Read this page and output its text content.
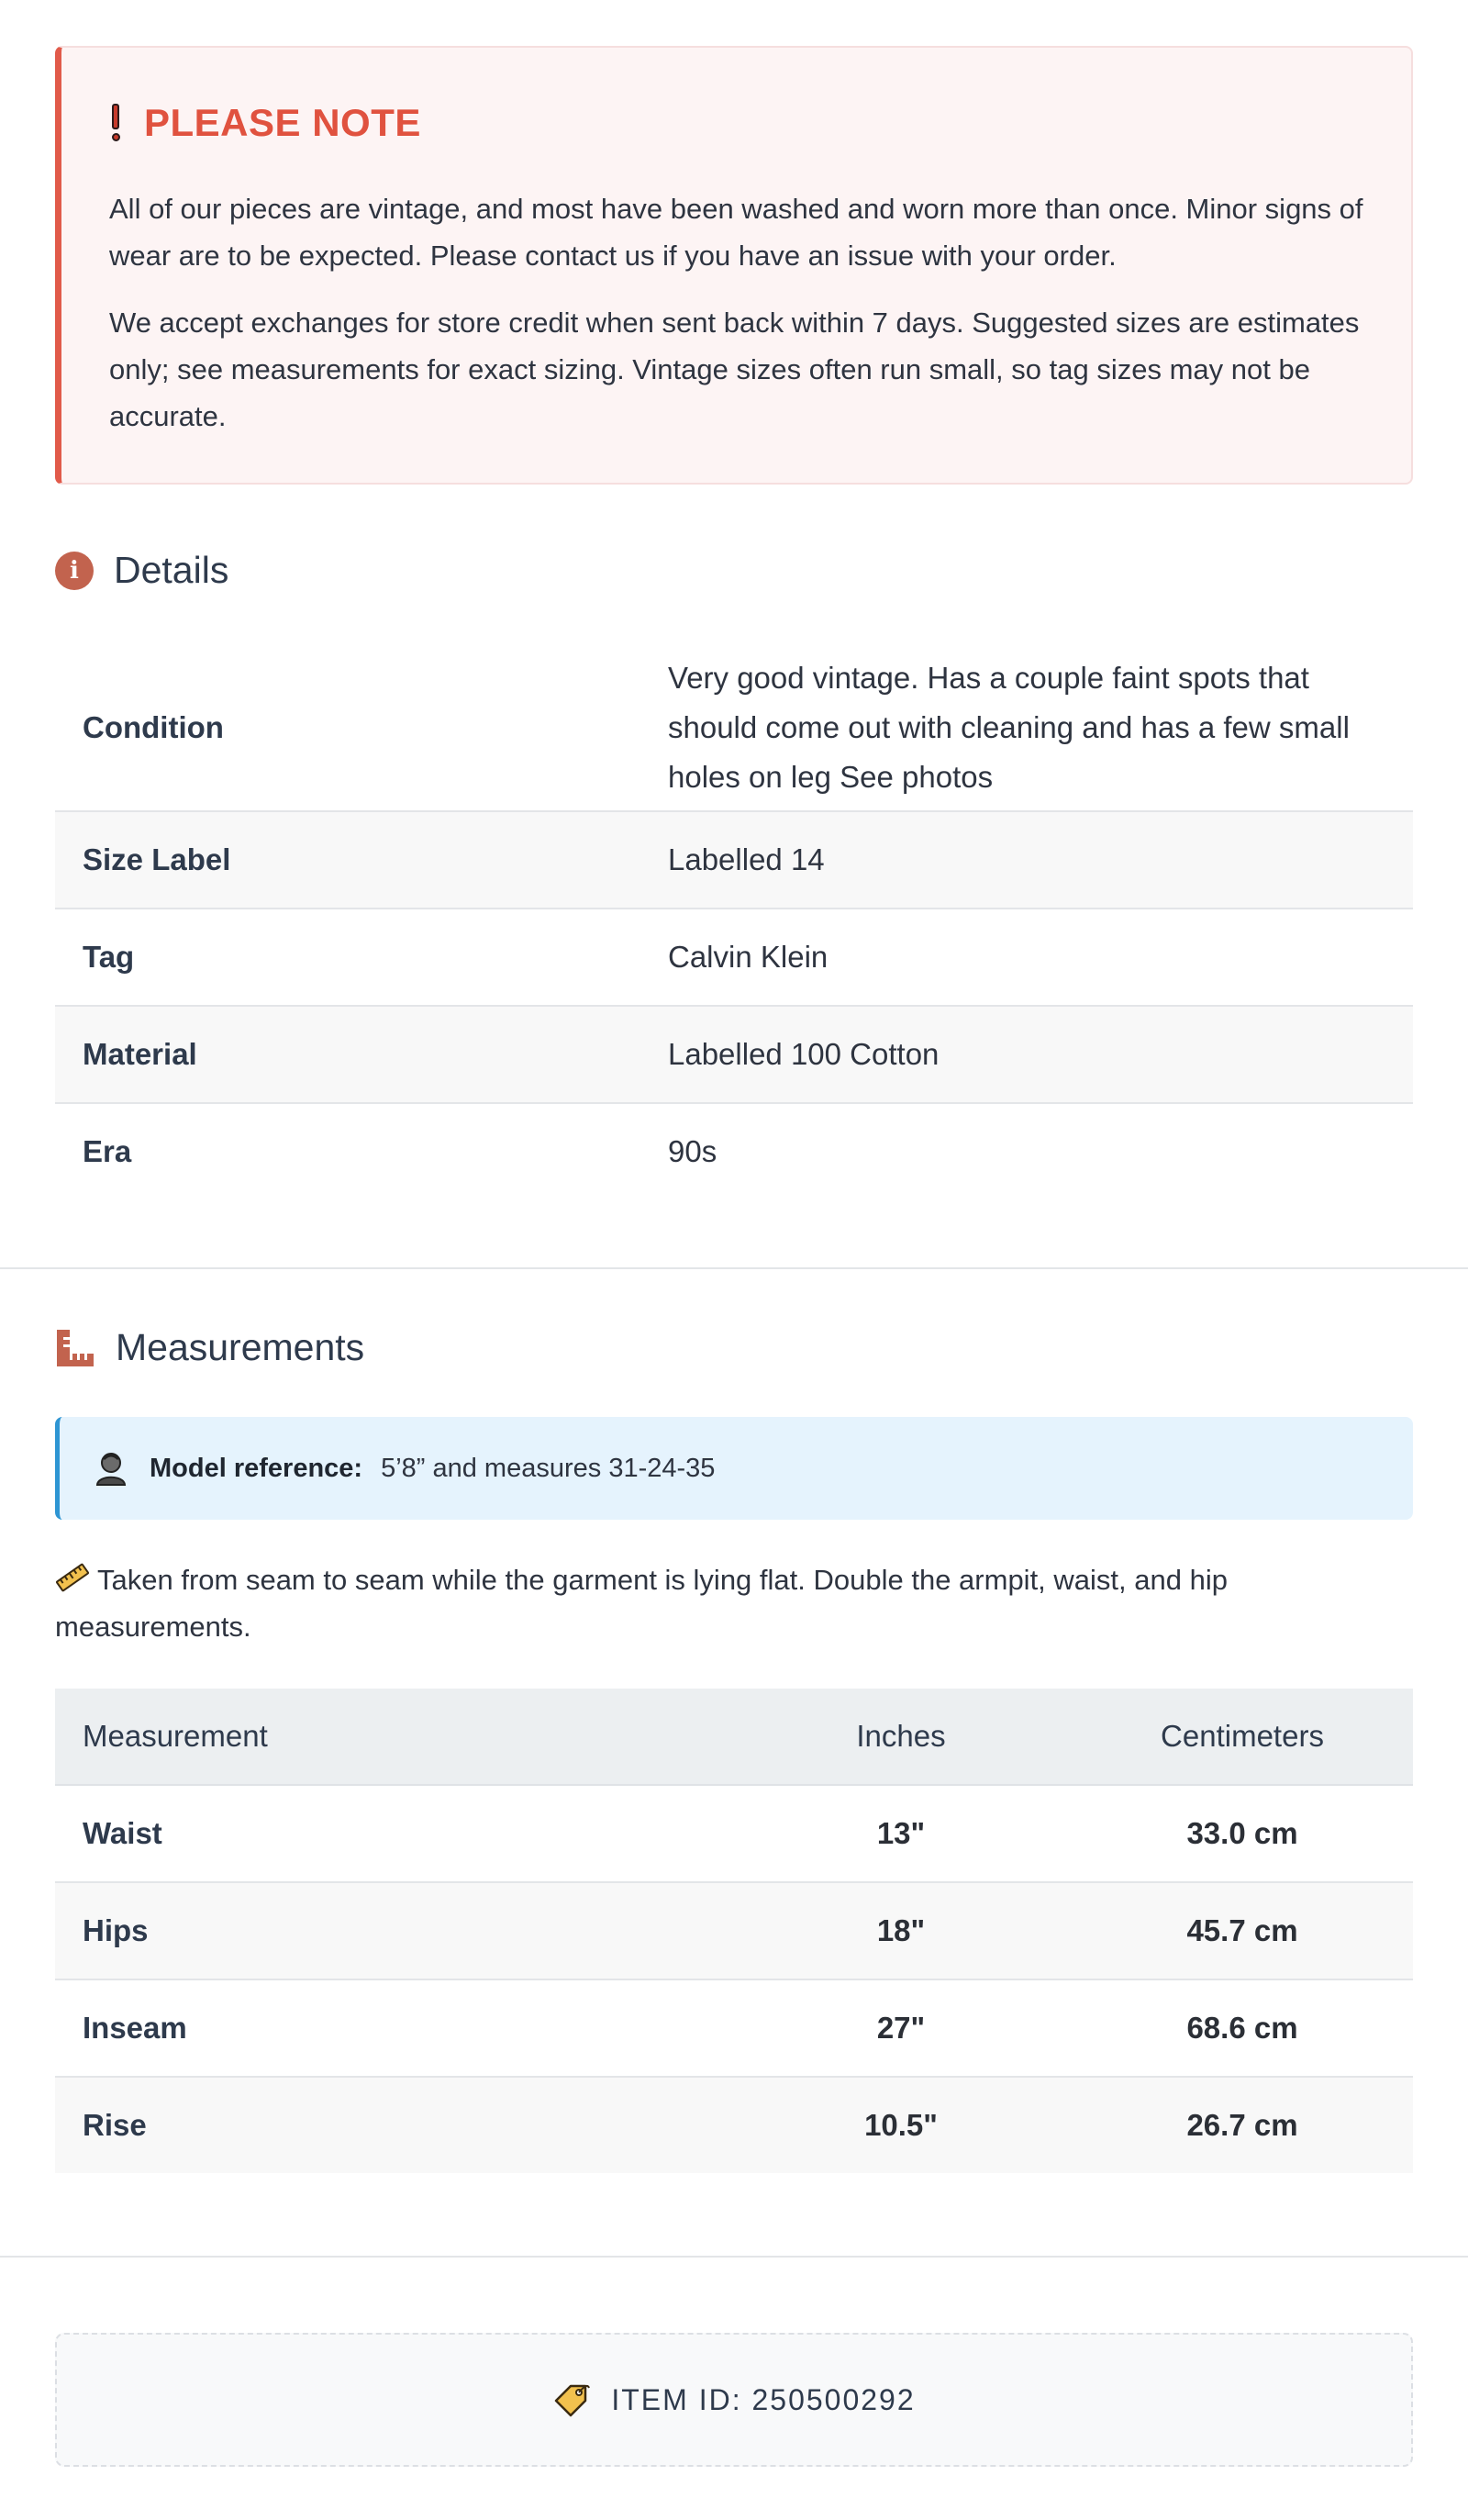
PLEASE NOTE

All of our pieces are vintage, and most have been washed and worn more than once. Minor signs of wear are to be expected. Please contact us if you have an issue with your order.

We accept exchanges for store credit when sent back within 7 days. Suggested sizes are estimates only; see measurements for exact sizing. Vintage sizes often run small, so tag sizes may not be accurate.

i Details
Condition	Very good vintage. Has a couple faint spots that should come out with cleaning and has a few small holes on leg See photos
Size Label	Labelled 14
Tag	Calvin Klein
Material	Labelled 100 Cotton
Era	90s
Measurements
Model reference: 5’8” and measures 31-24-35
Taken from seam to seam while the garment is lying flat. Double the armpit, waist, and hip measurements.
Measurement	Inches	Centimeters
Waist	13"	33.0 cm
Hips	18"	45.7 cm
Inseam	27"	68.6 cm
Rise	10.5"	26.7 cm
ITEM ID: 250500292
